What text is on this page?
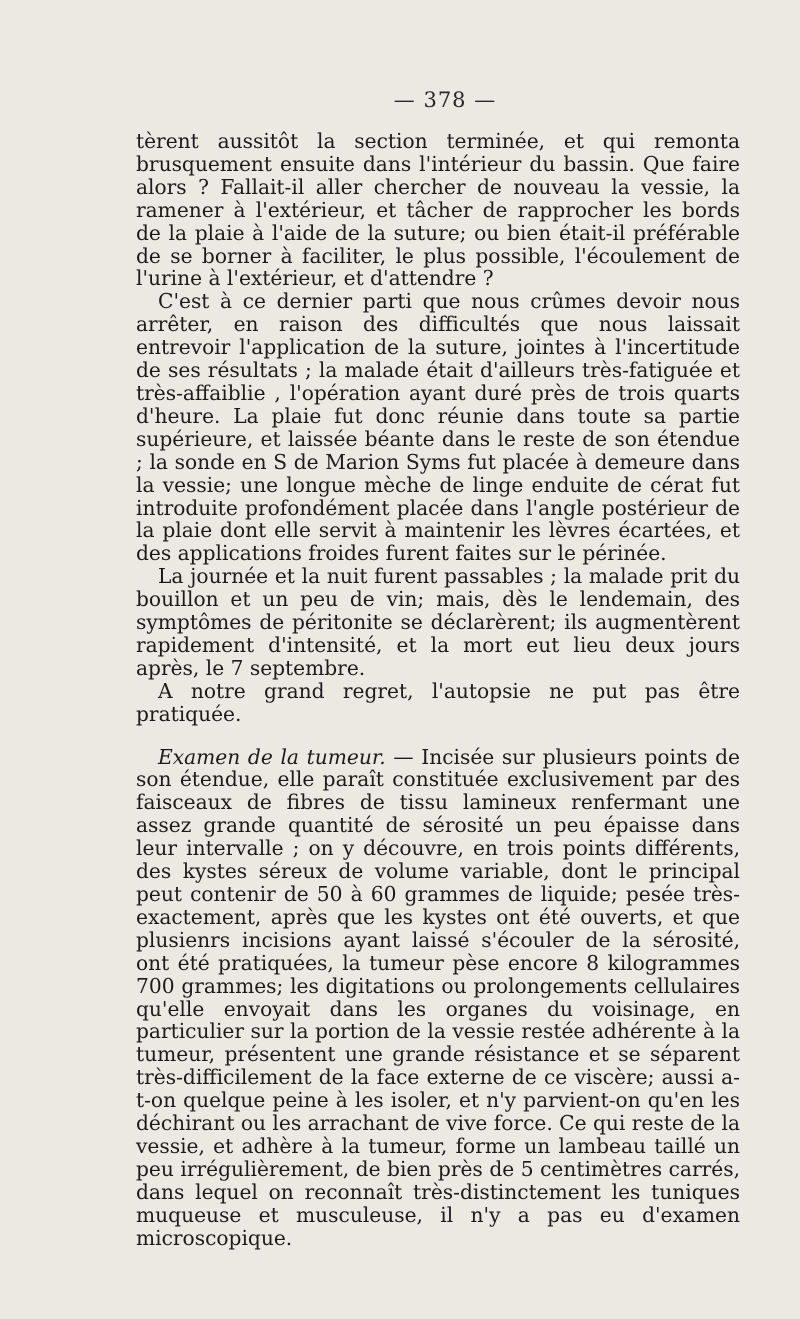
— 378 —

tèrent aussitôt la section terminée, et qui remonta brusquement ensuite dans l'intérieur du bassin. Que faire alors ? Fallait-il aller chercher de nouveau la vessie, la ramener à l'extérieur, et tâcher de rapprocher les bords de la plaie à l'aide de la suture; ou bien était-il préférable de se borner à faciliter, le plus possible, l'écoulement de l'urine à l'extérieur, et d'attendre ?

C'est à ce dernier parti que nous crûmes devoir nous arrêter, en raison des difficultés que nous laissait entrevoir l'application de la suture, jointes à l'incertitude de ses résultats ; la malade était d'ailleurs très-fatiguée et très-affaiblie , l'opération ayant duré près de trois quarts d'heure. La plaie fut donc réunie dans toute sa partie supérieure, et laissée béante dans le reste de son étendue ; la sonde en S de Marion Syms fut placée à demeure dans la vessie; une longue mèche de linge enduite de cérat fut introduite profondément placée dans l'angle postérieur de la plaie dont elle servit à maintenir les lèvres écartées, et des applications froides furent faites sur le périnée.

La journée et la nuit furent passables ; la malade prit du bouillon et un peu de vin; mais, dès le lendemain, des symptômes de péritonite se déclarèrent; ils augmentèrent rapidement d'intensité, et la mort eut lieu deux jours après, le 7 septembre.

A notre grand regret, l'autopsie ne put pas être pratiquée.

Examen de la tumeur. — Incisée sur plusieurs points de son étendue, elle paraît constituée exclusivement par des faisceaux de fibres de tissu lamineux renfermant une assez grande quantité de sérosité un peu épaisse dans leur intervalle ; on y découvre, en trois points différents, des kystes séreux de volume variable, dont le principal peut contenir de 50 à 60 grammes de liquide; pesée très-exactement, après que les kystes ont été ouverts, et que plusienrs incisions ayant laissé s'écouler de la sérosité, ont été pratiquées, la tumeur pèse encore 8 kilogrammes 700 grammes; les digitations ou prolongements cellulaires qu'elle envoyait dans les organes du voisinage, en particulier sur la portion de la vessie restée adhérente à la tumeur, présentent une grande résistance et se séparent très-difficilement de la face externe de ce viscère; aussi a-t-on quelque peine à les isoler, et n'y parvient-on qu'en les déchirant ou les arrachant de vive force. Ce qui reste de la vessie, et adhère à la tumeur, forme un lambeau taillé un peu irrégulièrement, de bien près de 5 centimètres carrés, dans lequel on reconnaît très-distinctement les tuniques muqueuse et musculeuse, il n'y a pas eu d'examen microscopique.
